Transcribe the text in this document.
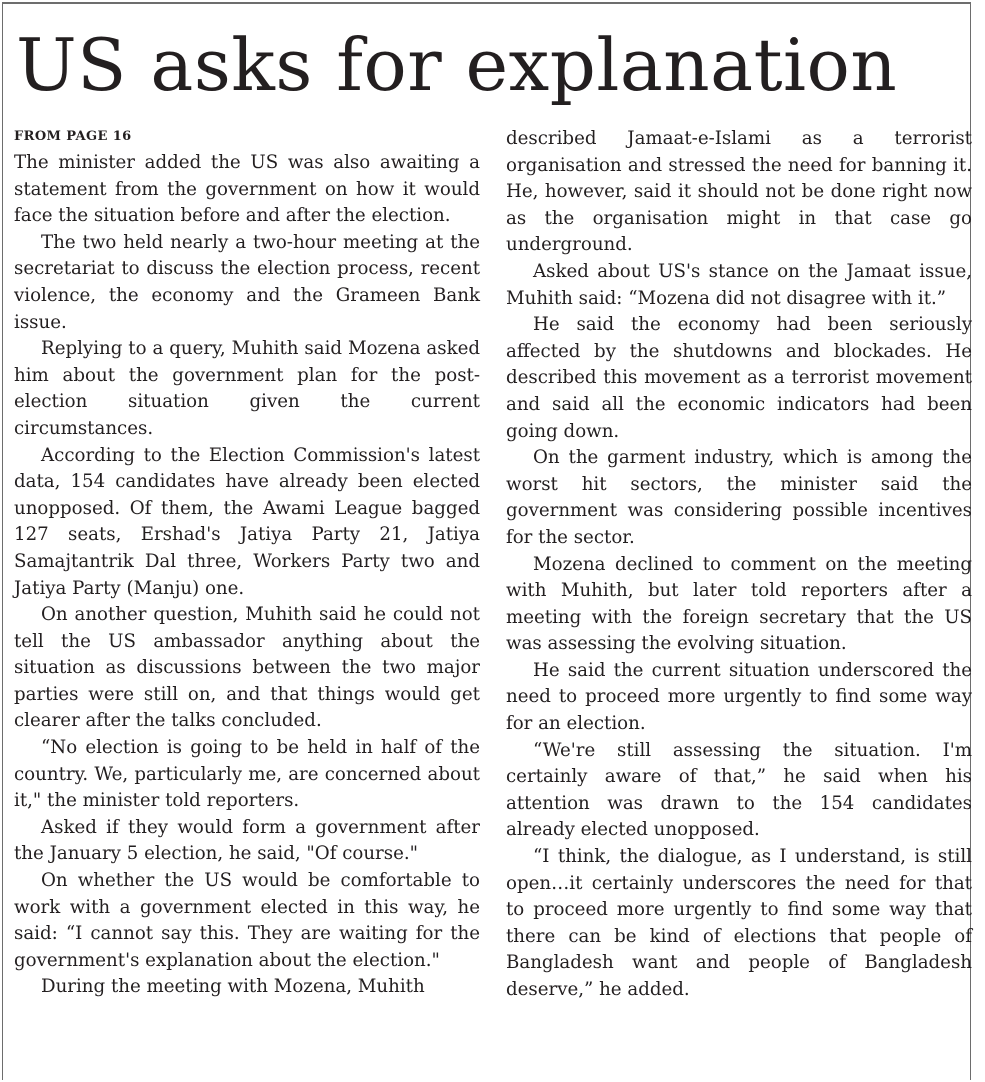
US asks for explanation
FROM PAGE 16

The minister added the US was also awaiting a statement from the government on how it would face the situation before and after the election.

The two held nearly a two-hour meeting at the secretariat to discuss the election process, recent violence, the economy and the Grameen Bank issue.

Replying to a query, Muhith said Mozena asked him about the government plan for the post-election situation given the current circumstances.

According to the Election Commission's latest data, 154 candidates have already been elected unopposed. Of them, the Awami League bagged 127 seats, Ershad's Jatiya Party 21, Jatiya Samajtantrik Dal three, Workers Party two and Jatiya Party (Manju) one.

On another question, Muhith said he could not tell the US ambassador anything about the situation as discussions between the two major parties were still on, and that things would get clearer after the talks concluded.

“No election is going to be held in half of the country. We, particularly me, are concerned about it," the minister told reporters.

Asked if they would form a government after the January 5 election, he said, "Of course."

On whether the US would be comfortable to work with a government elected in this way, he said: “I cannot say this. They are waiting for the government's explanation about the election."

During the meeting with Mozena, Muhith

described Jamaat-e-Islami as a terrorist organisation and stressed the need for banning it. He, however, said it should not be done right now as the organisation might in that case go underground.

Asked about US's stance on the Jamaat issue, Muhith said: “Mozena did not disagree with it.”

He said the economy had been seriously affected by the shutdowns and blockades. He described this movement as a terrorist movement and said all the economic indicators had been going down.

On the garment industry, which is among the worst hit sectors, the minister said the government was considering possible incentives for the sector.

Mozena declined to comment on the meeting with Muhith, but later told reporters after a meeting with the foreign secretary that the US was assessing the evolving situation.

He said the current situation underscored the need to proceed more urgently to find some way for an election.

“We're still assessing the situation. I'm certainly aware of that,” he said when his attention was drawn to the 154 candidates already elected unopposed.

“I think, the dialogue, as I understand, is still open…it certainly underscores the need for that to proceed more urgently to find some way that there can be kind of elections that people of Bangladesh want and people of Bangladesh deserve,” he added.
